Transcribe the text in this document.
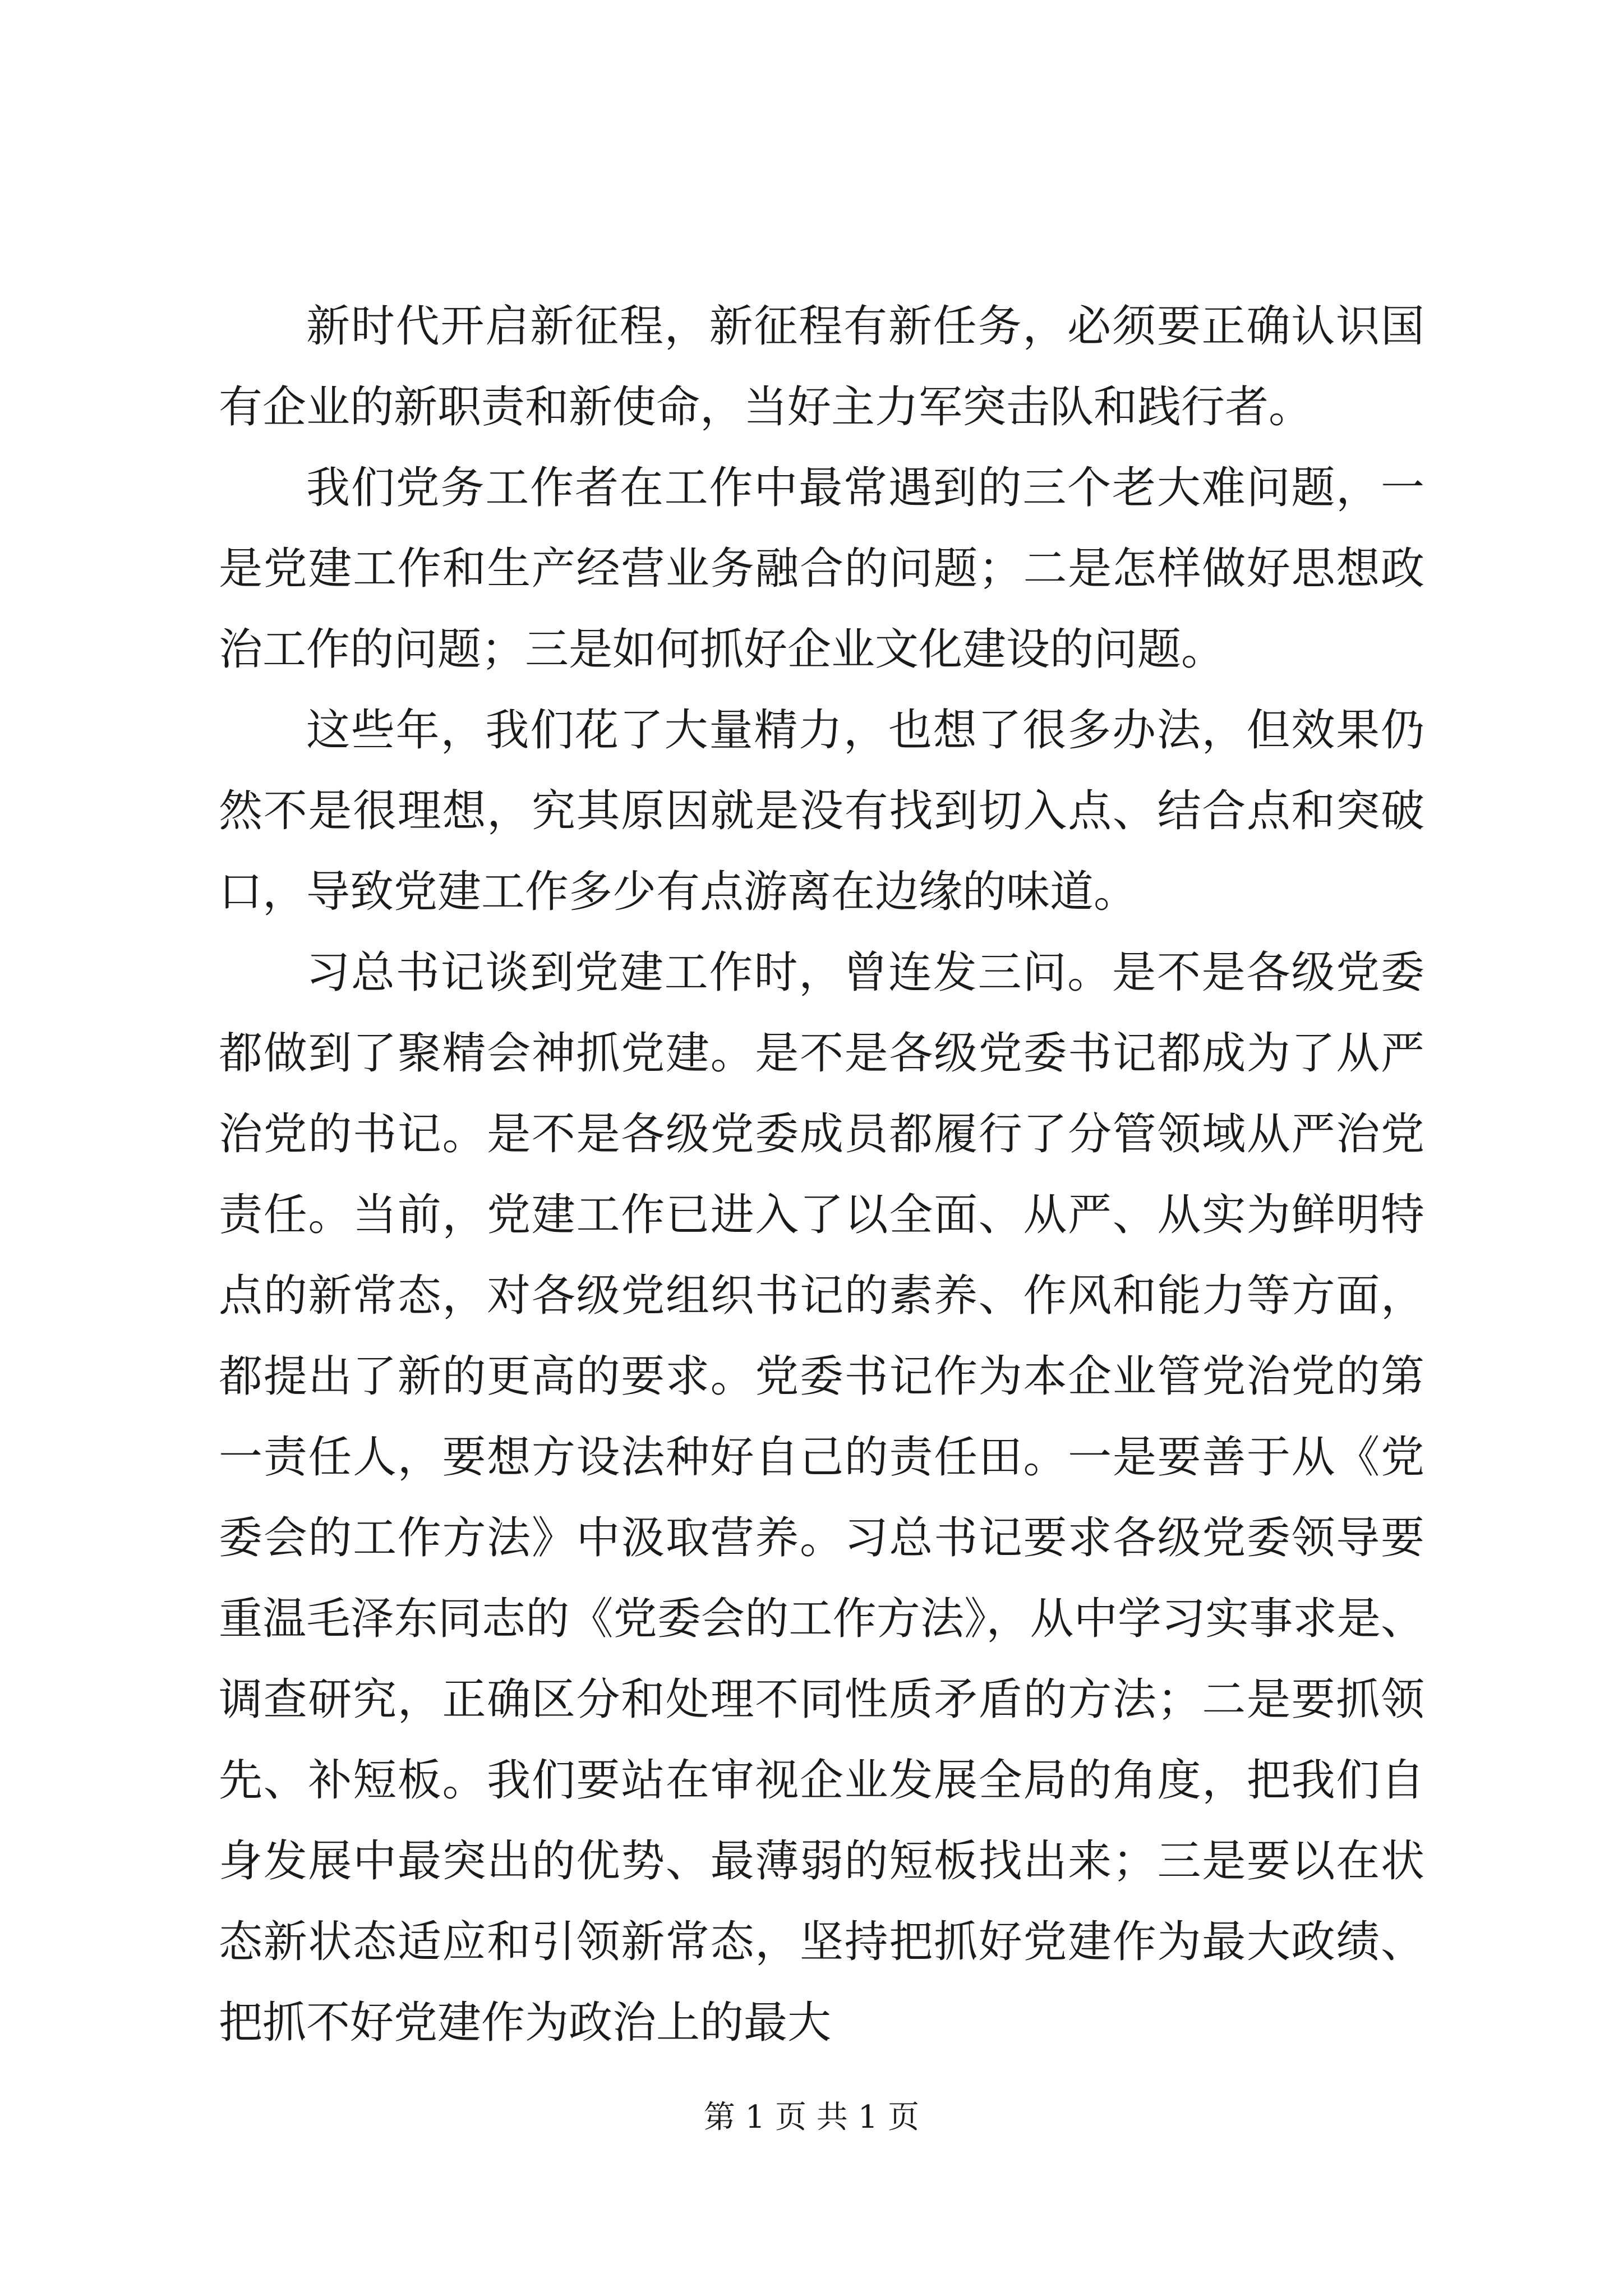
新时代开启新征程，新征程有新任务，必须要正确认识国有企业的新职责和新使命，当好主力军突击队和践行者。

我们党务工作者在工作中最常遇到的三个老大难问题，一是党建工作和生产经营业务融合的问题；二是怎样做好思想政治工作的问题；三是如何抓好企业文化建设的问题。

这些年，我们花了大量精力，也想了很多办法，但效果仍然不是很理想，究其原因就是没有找到切入点、结合点和突破口，导致党建工作多少有点游离在边缘的味道。

习总书记谈到党建工作时，曾连发三问。是不是各级党委都做到了聚精会神抓党建。是不是各级党委书记都成为了从严治党的书记。是不是各级党委成员都履行了分管领域从严治党责任。当前，党建工作已进入了以全面、从严、从实为鲜明特点的新常态，对各级党组织书记的素养、作风和能力等方面，都提出了新的更高的要求。党委书记作为本企业管党治党的第一责任人，要想方设法种好自己的责任田。一是要善于从《党委会的工作方法》中汲取营养。习总书记要求各级党委领导要重温毛泽东同志的《党委会的工作方法》，从中学习实事求是、调查研究，正确区分和处理不同性质矛盾的方法；二是要抓领先、补短板。我们要站在审视企业发展全局的角度，把我们自身发展中最突出的优势、最薄弱的短板找出来；三是要以在状态新状态适应和引领新常态，坚持把抓好党建作为最大政绩、把抓不好党建作为政治上的最大

第 1 页 共 1 页
